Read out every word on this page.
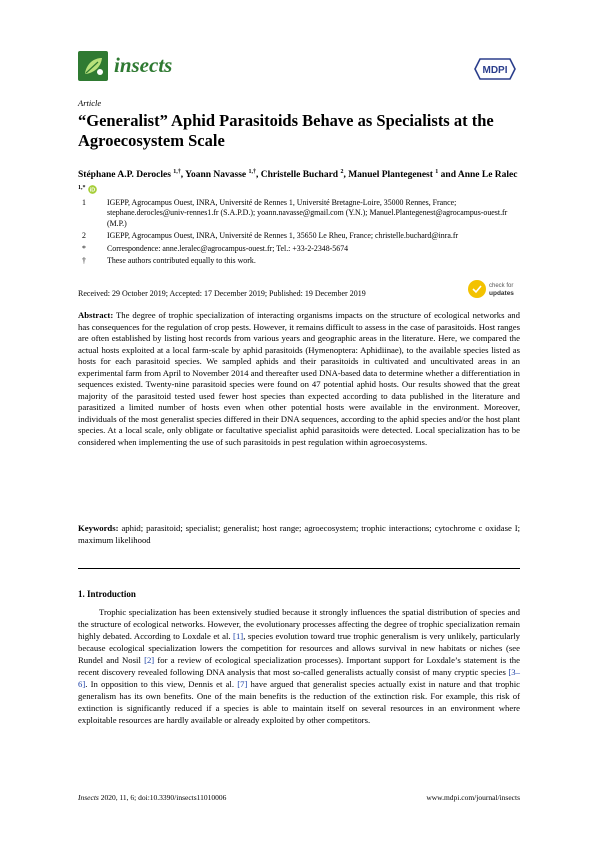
insects	MDPI
Article
“Generalist” Aphid Parasitoids Behave as Specialists at the Agroecosystem Scale
Stéphane A.P. Derocles $^{1,\dagger}$, Yoann Navasse $^{1,\dagger}$, Christelle Buchard $^2$, Manuel Plantegenest $^1$ and Anne Le Ralec $^{1,*}$ iD
1	IGEPP, Agrocampus Ouest, INRA, Université de Rennes 1, Université Bretagne-Loire, 35000 Rennes, France; stephane.derocles@univ-rennes1.fr (S.A.P.D.); yoann.navasse@gmail.com (Y.N.); Manuel.Plantegenest@agrocampus-ouest.fr (M.P.)
2	IGEPP, Agrocampus Ouest, INRA, Université de Rennes 1, 35650 Le Rheu, France; christelle.buchard@inra.fr
*	Correspondence: anne.leralec@agrocampus-ouest.fr; Tel.: +33-2-2348-5674
†	These authors contributed equally to this work.
Received: 29 October 2019; Accepted: 17 December 2019; Published: 19 December 2019
check for
updates
Abstract: The degree of trophic specialization of interacting organisms impacts on the structure of ecological networks and has consequences for the regulation of crop pests. However, it remains difficult to assess in the case of parasitoids. Host ranges are often established by listing host records from various years and geographic areas in the literature. Here, we compared the actual hosts exploited at a local farm-scale by aphid parasitoids (Hymenoptera: Aphidiinae), to the available species listed as hosts for each parasitoid species. We sampled aphids and their parasitoids in cultivated and uncultivated areas in an experimental farm from April to November 2014 and thereafter used DNA-based data to determine whether a differentiation in sequences existed. Twenty-nine parasitoid species were found on 47 potential aphid hosts. Our results showed that the great majority of the parasitoid tested used fewer host species than expected according to data published in the literature and parasitized a limited number of hosts even when other potential hosts were available in the environment. Moreover, individuals of the most generalist species differed in their DNA sequences, according to the aphid species and/or the host plant species. At a local scale, only obligate or facultative specialist aphid parasitoids were detected. Local specialization has to be considered when implementing the use of such parasitoids in pest regulation within agroecosystems.
Keywords: aphid; parasitoid; specialist; generalist; host range; agroecosystem; trophic interactions; cytochrome c oxidase I; maximum likelihood
1. Introduction
Trophic specialization has been extensively studied because it strongly influences the spatial distribution of species and the structure of ecological networks. However, the evolutionary processes affecting the degree of trophic specialization remain highly debated. According to Loxdale et al. [1], species evolution toward true trophic generalism is very unlikely, particularly because ecological specialization lowers the competition for resources and allows survival in new habitats or niches (see Rundel and Nosil [2] for a review of ecological specialization processes). Important support for Loxdale’s statement is the recent discovery revealed following DNA analysis that most so-called generalists actually consist of many cryptic species [3–6]. In opposition to this view, Dennis et al. [7] have argued that generalist species actually exist in nature and that trophic generalism has its own benefits. One of the main benefits is the reduction of the extinction risk. For example, this risk of extinction is significantly reduced if a species is able to maintain itself on several resources in an environment where exploitable resources are hardly available or already exploited by other competitors.
Insects 2020, 11, 6; doi:10.3390/insects11010006	www.mdpi.com/journal/insects
